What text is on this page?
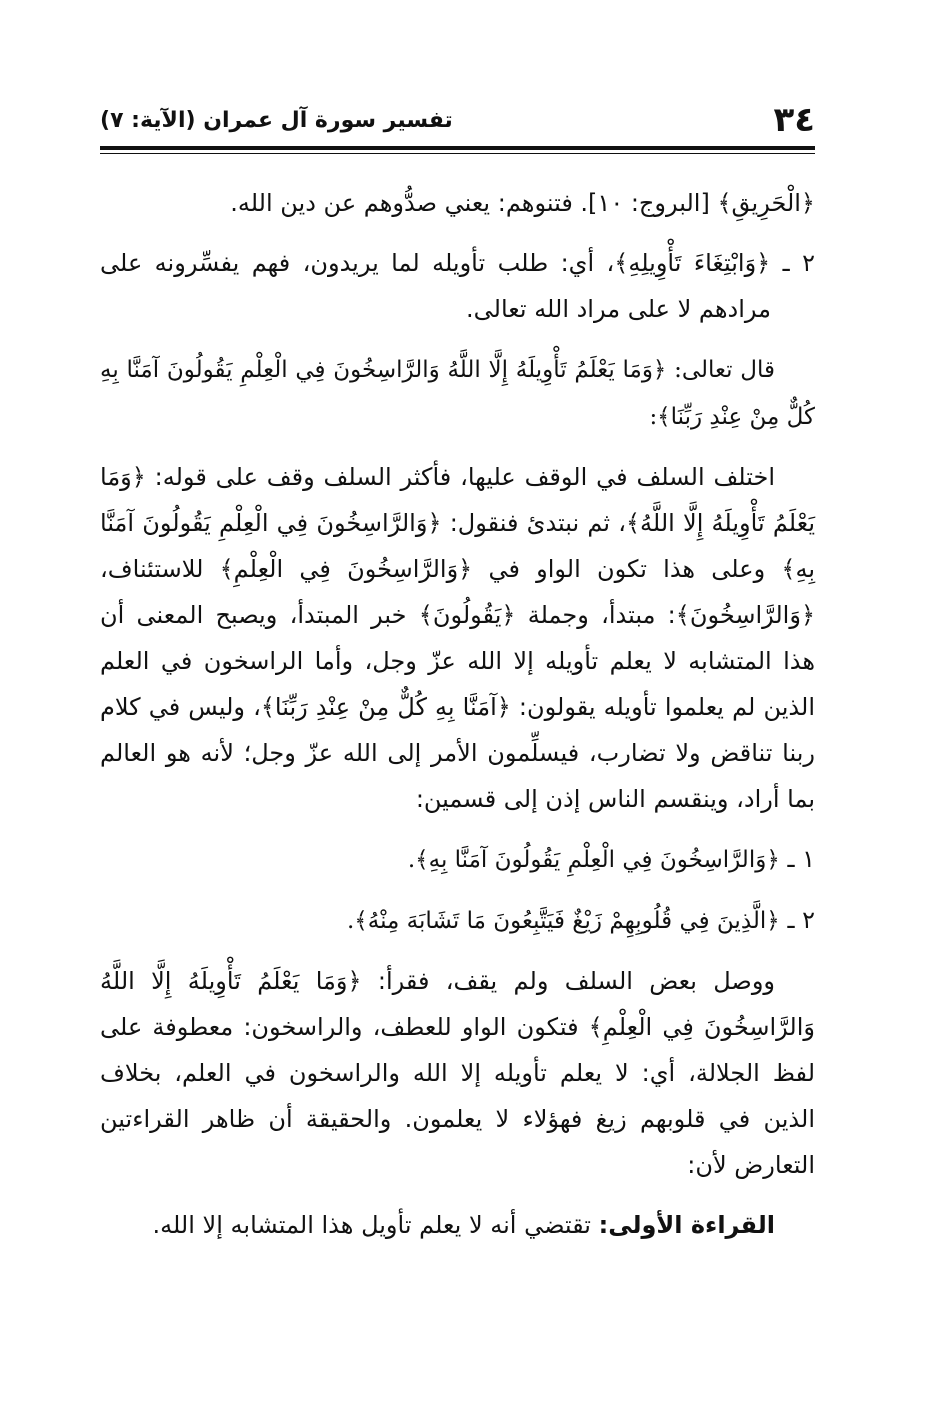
٣٤
تفسير سورة آل عمران (الآية: ٧)

﴿الْحَرِيقِ﴾ [البروج: ١٠]. فتنوهم: يعني صدُّوهم عن دين الله.

٢ ـ ﴿وَابْتِغَاءَ تَأْوِيلِهِ﴾، أي: طلب تأويله لما يريدون، فهم يفسِّرونه على مرادهم لا على مراد الله تعالى.

قال تعالى: ﴿وَمَا يَعْلَمُ تَأْوِيلَهُ إِلَّا اللَّهُ وَالرَّاسِخُونَ فِي الْعِلْمِ يَقُولُونَ آمَنَّا بِهِ كُلٌّ مِنْ عِنْدِ رَبِّنَا﴾:

اختلف السلف في الوقف عليها، فأكثر السلف وقف على قوله: ﴿وَمَا يَعْلَمُ تَأْوِيلَهُ إِلَّا اللَّهُ﴾، ثم نبتدئ فنقول: ﴿وَالرَّاسِخُونَ فِي الْعِلْمِ يَقُولُونَ آمَنَّا بِهِ﴾ وعلى هذا تكون الواو في ﴿وَالرَّاسِخُونَ فِي الْعِلْمِ﴾ للاستئناف، ﴿وَالرَّاسِخُونَ﴾: مبتدأ، وجملة ﴿يَقُولُونَ﴾ خبر المبتدأ، ويصبح المعنى أن هذا المتشابه لا يعلم تأويله إلا الله عزّ وجل، وأما الراسخون في العلم الذين لم يعلموا تأويله يقولون: ﴿آمَنَّا بِهِ كُلٌّ مِنْ عِنْدِ رَبِّنَا﴾، وليس في كلام ربنا تناقض ولا تضارب، فيسلِّمون الأمر إلى الله عزّ وجل؛ لأنه هو العالم بما أراد، وينقسم الناس إذن إلى قسمين:

١ ـ ﴿وَالرَّاسِخُونَ فِي الْعِلْمِ يَقُولُونَ آمَنَّا بِهِ﴾.

٢ ـ ﴿الَّذِينَ فِي قُلُوبِهِمْ زَيْغٌ فَيَتَّبِعُونَ مَا تَشَابَهَ مِنْهُ﴾.

ووصل بعض السلف ولم يقف، فقرأ: ﴿وَمَا يَعْلَمُ تَأْوِيلَهُ إِلَّا اللَّهُ وَالرَّاسِخُونَ فِي الْعِلْمِ﴾ فتكون الواو للعطف، والراسخون: معطوفة على لفظ الجلالة، أي: لا يعلم تأويله إلا الله والراسخون في العلم، بخلاف الذين في قلوبهم زيغ فهؤلاء لا يعلمون. والحقيقة أن ظاهر القراءتين التعارض لأن:

القراءة الأولى: تقتضي أنه لا يعلم تأويل هذا المتشابه إلا الله.
